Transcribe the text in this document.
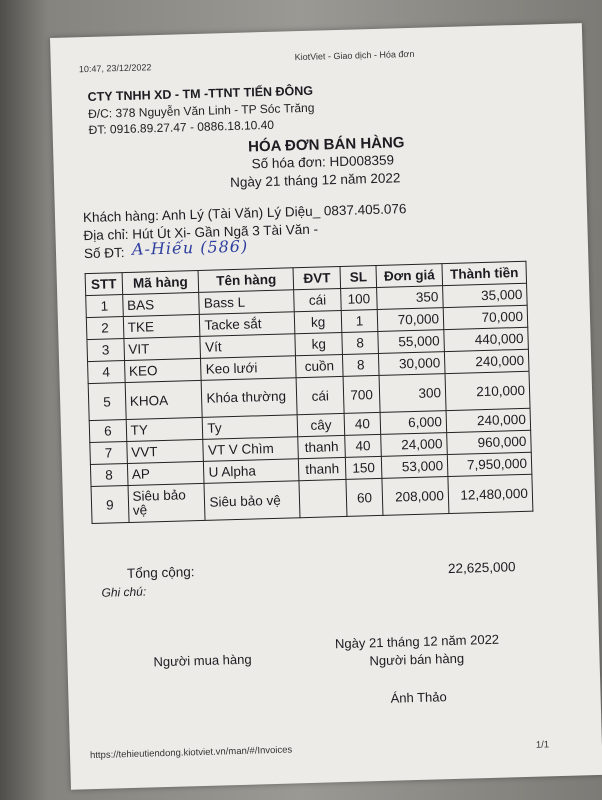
10:47, 23/12/2022
KiotViet - Giao dịch - Hóa đơn
CTY TNHH XD - TM -TTNT TIẾN ĐÔNG
Đ/C: 378 Nguyễn Văn Linh - TP Sóc Trăng
ĐT: 0916.89.27.47 - 0886.18.10.40
HÓA ĐƠN BÁN HÀNG
Số hóa đơn: HD008359
Ngày 21 tháng 12 năm 2022
Khách hàng: Anh Lý (Tài Văn) Lý Diệu_ 0837.405.076
Địa chỉ: Hút Út Xi- Gần Ngã 3 Tài Văn -
Số ĐT: A-Hiếu (586)
STT	Mã hàng	Tên hàng	ĐVT	SL	Đơn giá	Thành tiền
1	BAS	Bass L	cái	100	350	35,000
2	TKE	Tacke sắt	kg	1	70,000	70,000
3	VIT	Vít	kg	8	55,000	440,000
4	KEO	Keo lưới	cuồn	8	30,000	240,000
5	KHOA	Khóa thường	cái	700	300	210,000
6	TY	Ty	cây	40	6,000	240,000
7	VVT	VT V Chìm	thanh	40	24,000	960,000
8	AP	U Alpha	thanh	150	53,000	7,950,000
9	Siêu bảo vệ	Siêu bảo vệ		60	208,000	12,480,000
Tổng cộng:	22,625,000
Ghi chú:
Người mua hàng
Ngày 21 tháng 12 năm 2022
Người bán hàng
Ánh Thảo
https://tehieutiendong.kiotviet.vn/man/#/Invoices	1/1
